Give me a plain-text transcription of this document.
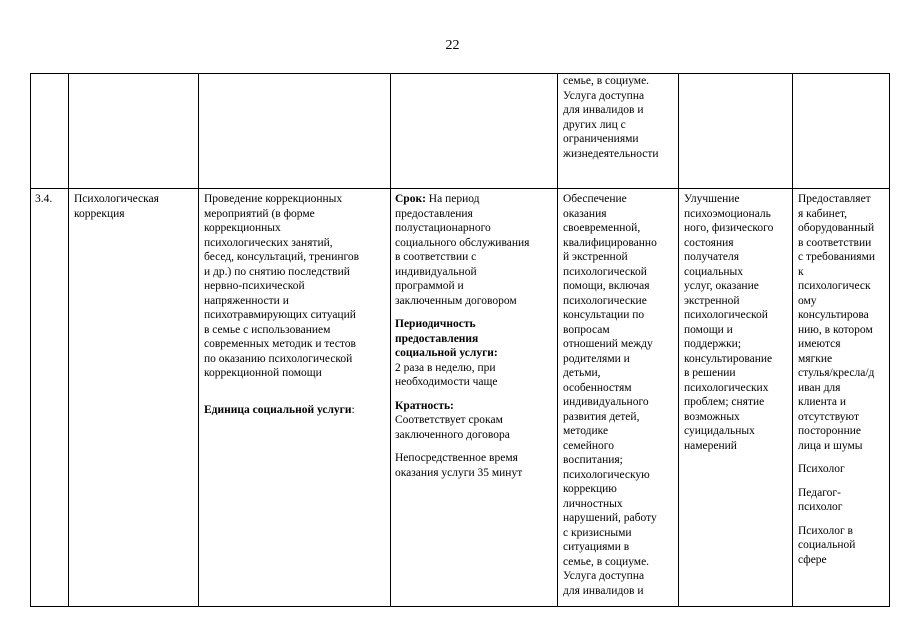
22

семье, в социуме.

Услуга доступна

для инвалидов и

других лиц с

ограничениями

жизнедеятельности

3.4.	Психологическая

коррекция

Проведение коррекционных

мероприятий (в форме

коррекционных

психологических занятий,

бесед, консультаций, тренингов

и др.) по снятию последствий

нервно-психической

напряженности и

психотравмирующих ситуаций

в семье с использованием

современных методик и тестов

по оказанию психологической

коррекционной помощи

Единица социальной услуги:

Срок: На период

предоставления

полустационарного

социального обслуживания

в соответствии с

индивидуальной

программой и

заключенным договором

Периодичность

предоставления

социальной услуги:

2 раза в неделю, при

необходимости чаще

Кратность:

Соответствует срокам

заключенного договора

Непосредственное время

оказания услуги 35 минут

Обеспечение

оказания

своевременной,

квалифицированно

й экстренной

психологической

помощи, включая

психологические

консультации по

вопросам

отношений между

родителями и

детьми,

особенностям

индивидуального

развития детей,

методике

семейного

воспитания;

психологическую

коррекцию

личностных

нарушений, работу

с кризисными

ситуациями в

семье, в социуме.

Услуга доступна

для инвалидов и

Улучшение

психоэмоциональ

ного, физического

состояния

получателя

социальных

услуг, оказание

экстренной

психологической

помощи и

поддержки;

консультирование

в решении

психологических

проблем; снятие

возможных

суицидальных

намерений

Предоставляет

я кабинет,

оборудованный

в соответствии

с требованиями

к

психологическ

ому

консультирова

нию, в котором

имеются

мягкие

стулья/кресла/д

иван для

клиента и

отсутствуют

посторонние

лица и шумы

Психолог

Педагог-

психолог

Психолог в

социальной

сфере
